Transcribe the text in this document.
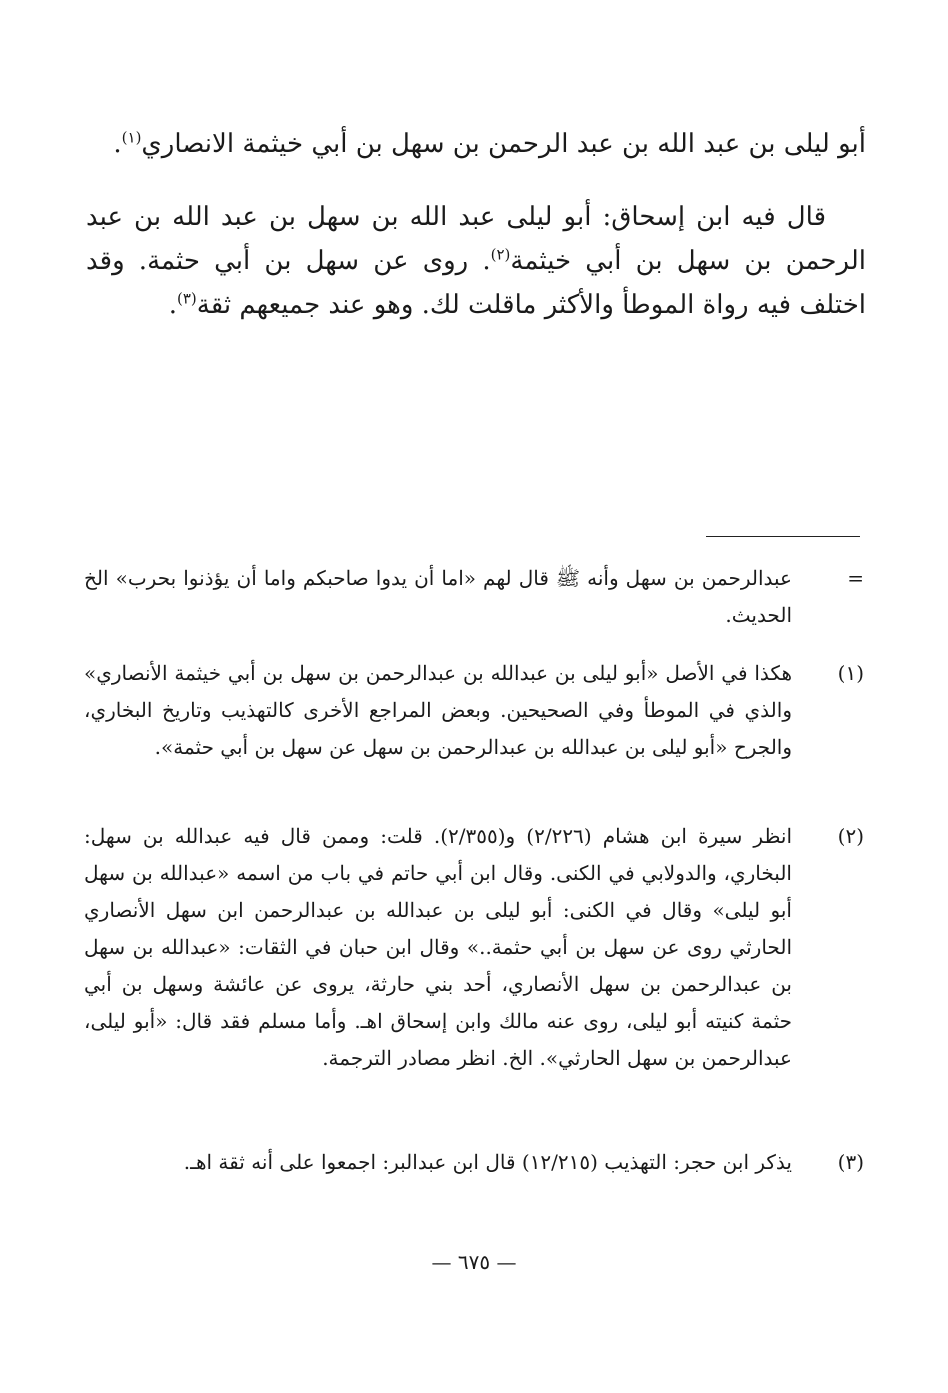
أبو ليلى بن عبد الله بن عبد الرحمن بن سهل بن أبي خيثمة الانصاري$^{(١)}$.
قال فيه ابن إسحاق: أبو ليلى عبد الله بن سهل بن عبد الله بن عبد الرحمن بن سهل بن أبي خيثمة$^{(٢)}$. روى عن سهل بن أبي حثمة. وقد اختلف فيه رواة الموطأ والأكثر ماقلت لك. وهو عند جميعهم ثقة$^{(٣)}$.
=
عبدالرحمن بن سهل وأنه ﷺ قال لهم «اما أن يدوا صاحبكم واما أن يؤذنوا بحرب» الخ الحديث.
(١)
هكذا في الأصل «أبو ليلى بن عبدالله بن عبدالرحمن بن سهل بن أبي خيثمة الأنصاري» والذي في الموطأ وفي الصحيحين. وبعض المراجع الأخرى كالتهذيب وتاريخ البخاري، والجرح «أبو ليلى بن عبدالله بن عبدالرحمن بن سهل عن سهل بن أبي حثمة».
(٢)
انظر سيرة ابن هشام (٢/٢٢٦) و(٢/٣٥٥). قلت: وممن قال فيه عبدالله بن سهل: البخاري، والدولابي في الكنى. وقال ابن أبي حاتم في باب من اسمه «عبدالله بن سهل أبو ليلى» وقال في الكنى: أبو ليلى بن عبدالله بن عبدالرحمن ابن سهل الأنصاري الحارثي روى عن سهل بن أبي حثمة..» وقال ابن حبان في الثقات: «عبدالله بن سهل بن عبدالرحمن بن سهل الأنصاري، أحد بني حارثة، يروى عن عائشة وسهل بن أبي حثمة كنيته أبو ليلى، روى عنه مالك وابن إسحاق اهـ. وأما مسلم فقد قال: «أبو ليلى، عبدالرحمن بن سهل الحارثي». الخ. انظر مصادر الترجمة.
(٣)
يذكر ابن حجر: التهذيب (١٢/٢١٥) قال ابن عبدالبر: اجمعوا على أنه ثقة اهـ.
— ٦٧٥ —
